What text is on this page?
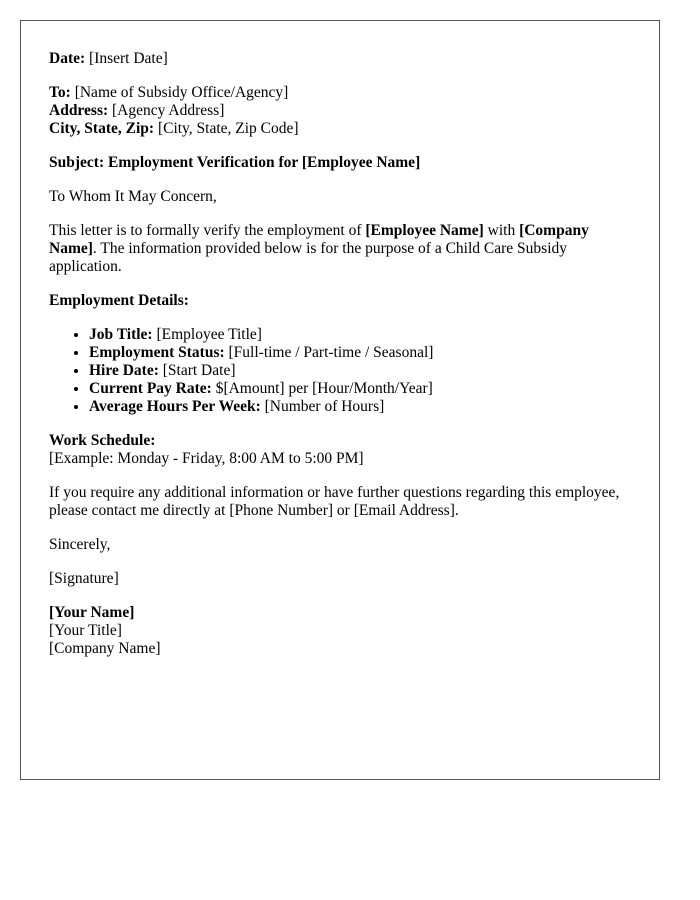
Date: [Insert Date]

To: [Name of Subsidy Office/Agency]
Address: [Agency Address]
City, State, Zip: [City, State, Zip Code]

Subject: Employment Verification for [Employee Name]

To Whom It May Concern,

This letter is to formally verify the employment of [Employee Name] with [Company Name]. The information provided below is for the purpose of a Child Care Subsidy application.

Employment Details:

• Job Title: [Employee Title]
• Employment Status: [Full-time / Part-time / Seasonal]
• Hire Date: [Start Date]
• Current Pay Rate: $[Amount] per [Hour/Month/Year]
• Average Hours Per Week: [Number of Hours]

Work Schedule:
[Example: Monday - Friday, 8:00 AM to 5:00 PM]

If you require any additional information or have further questions regarding this employee, please contact me directly at [Phone Number] or [Email Address].

Sincerely,

[Signature]

[Your Name]
[Your Title]
[Company Name]
